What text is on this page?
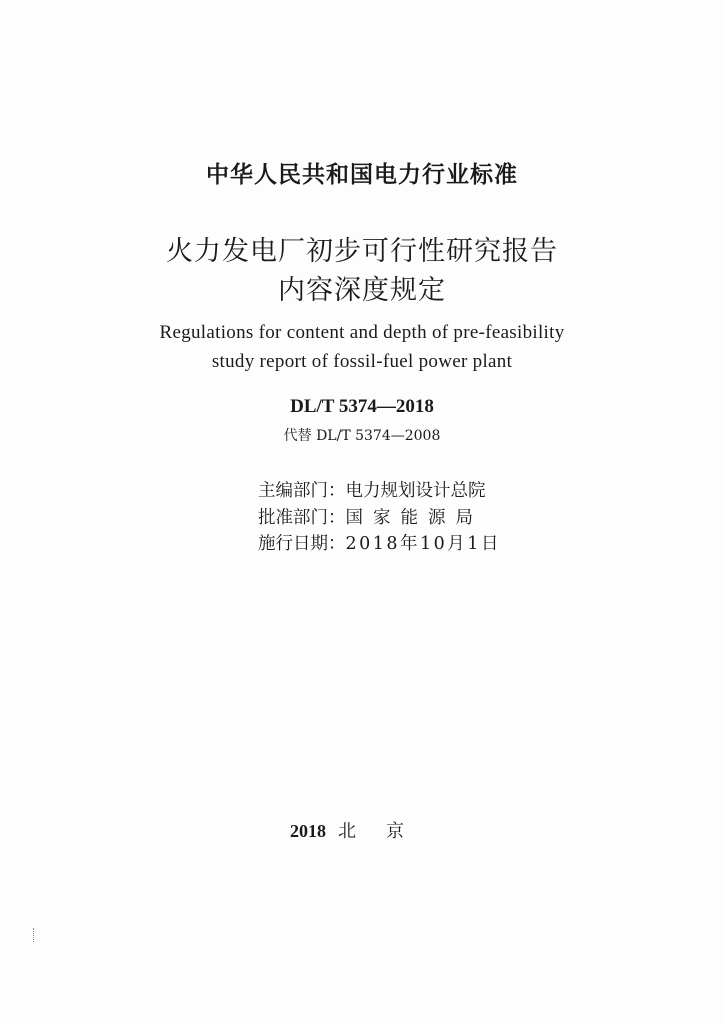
中华人民共和国电力行业标准
火力发电厂初步可行性研究报告
内容深度规定
Regulations for content and depth of pre-feasibility
study report of fossil-fuel power plant
DL/T 5374—2018
代替 DL/T 5374—2008
主编部门：电力规划设计总院
批准部门：国家能源局
施行日期：2018年10月1日
2018 北京
